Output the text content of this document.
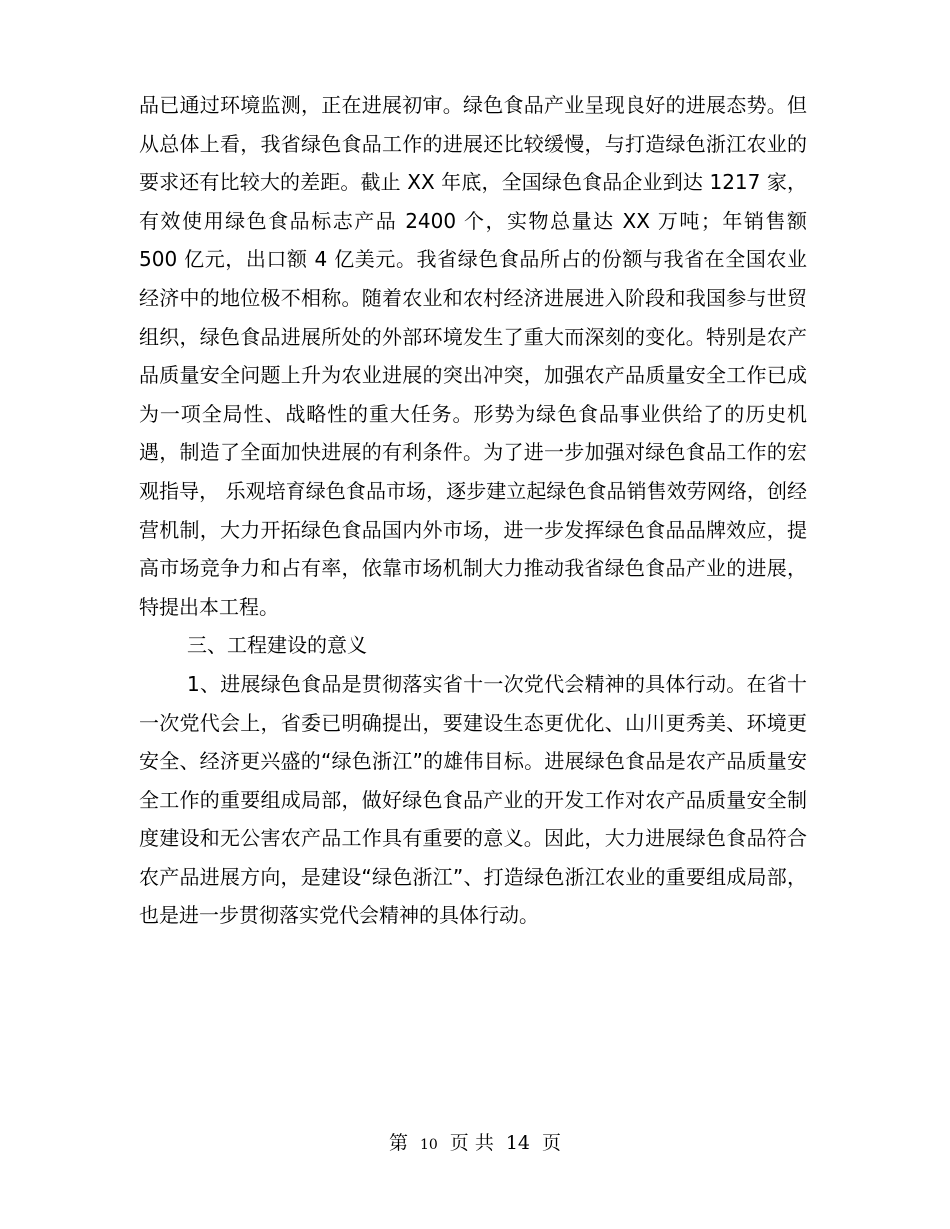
品已通过环境监测，正在进展初审。绿色食品产业呈现良好的进展态势。但从总体上看，我省绿色食品工作的进展还比较缓慢，与打造绿色浙江农业的要求还有比较大的差距。截止 XX 年底，全国绿色食品企业到达 1217 家，有效使用绿色食品标志产品 2400 个，实物总量达 XX 万吨；年销售额 500 亿元，出口额 4 亿美元。我省绿色食品所占的份额与我省在全国农业经济中的地位极不相称。随着农业和农村经济进展进入阶段和我国参与世贸组织，绿色食品进展所处的外部环境发生了重大而深刻的变化。特别是农产品质量安全问题上升为农业进展的突出冲突，加强农产品质量安全工作已成为一项全局性、战略性的重大任务。形势为绿色食品事业供给了的历史机遇，制造了全面加快进展的有利条件。为了进一步加强对绿色食品工作的宏观指导， 乐观培育绿色食品市场，逐步建立起绿色食品销售效劳网络，创经营机制，大力开拓绿色食品国内外市场，进一步发挥绿色食品品牌效应，提高市场竞争力和占有率，依靠市场机制大力推动我省绿色食品产业的进展，特提出本工程。

三、工程建设的意义

1、进展绿色食品是贯彻落实省十一次党代会精神的具体行动。在省十一次党代会上，省委已明确提出，要建设生态更优化、山川更秀美、环境更安全、经济更兴盛的“绿色浙江”的雄伟目标。进展绿色食品是农产品质量安全工作的重要组成局部，做好绿色食品产业的开发工作对农产品质量安全制度建设和无公害农产品工作具有重要的意义。因此，大力进展绿色食品符合农产品进展方向，是建设“绿色浙江”、打造绿色浙江农业的重要组成局部，也是进一步贯彻落实党代会精神的具体行动。

第 10 页 共 14 页
